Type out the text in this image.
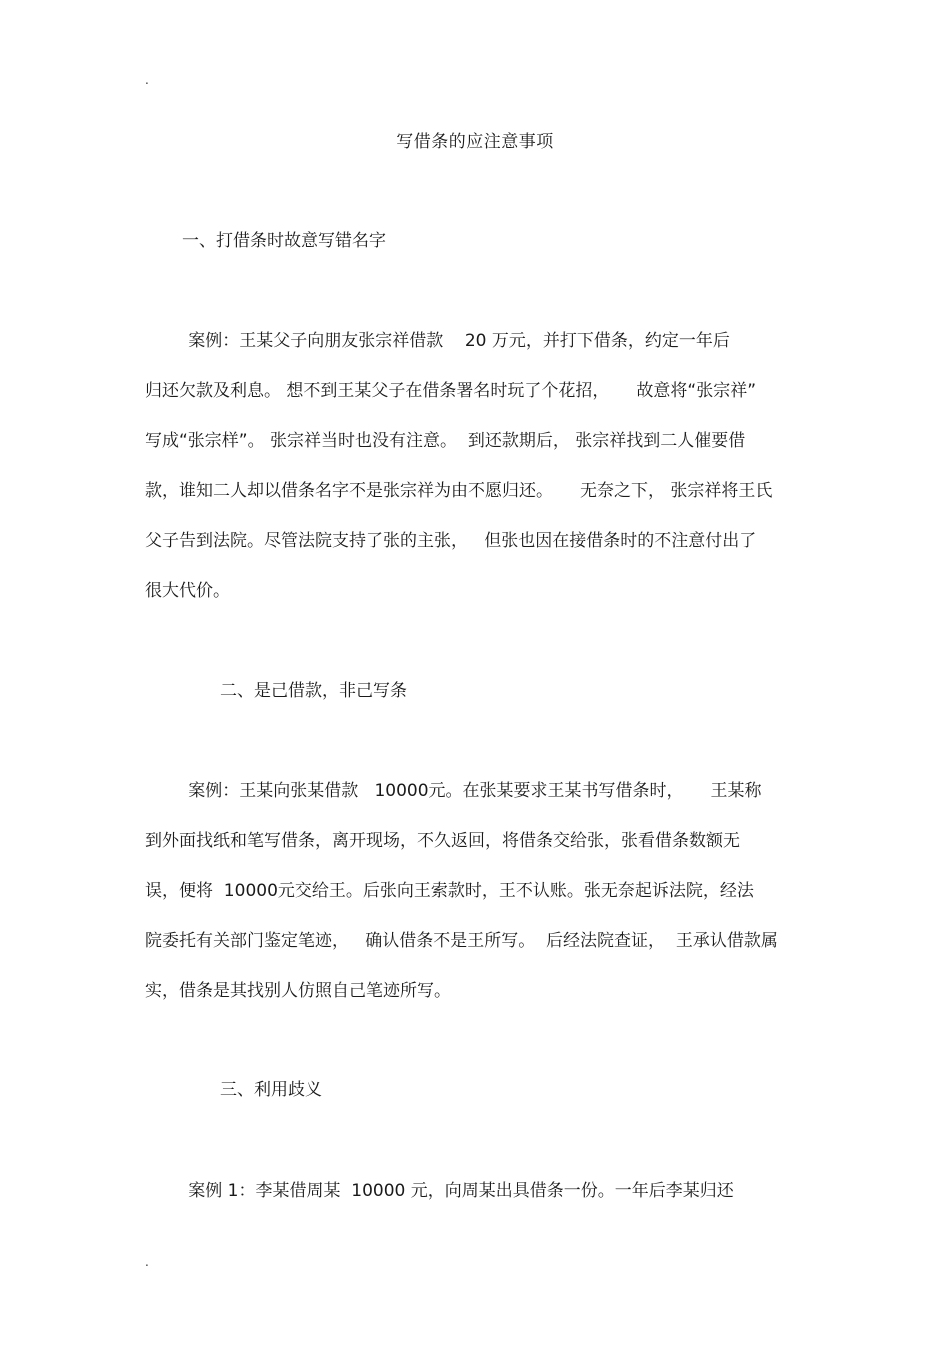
.
写借条的应注意事项
一、打借条时故意写错名字
案例：王某父子向朋友张宗祥借款    20 万元，并打下借条，约定一年后
归还欠款及利息。 想不到王某父子在借条署名时玩了个花招，     故意将“张宗祥”
写成“张宗样”。 张宗祥当时也没有注意。  到还款期后， 张宗祥找到二人催要借
款，谁知二人却以借条名字不是张宗祥为由不愿归还。     无奈之下， 张宗祥将王氏
父子告到法院。尽管法院支持了张的主张，   但张也因在接借条时的不注意付出了
很大代价。
二、是己借款，非己写条
案例：王某向张某借款   10000元。在张某要求王某书写借条时，     王某称
到外面找纸和笔写借条，离开现场，不久返回，将借条交给张，张看借条数额无
误，便将  10000元交给王。后张向王索款时，王不认账。张无奈起诉法院，经法
院委托有关部门鉴定笔迹，   确认借条不是王所写。  后经法院查证，  王承认借款属
实，借条是其找别人仿照自己笔迹所写。
三、利用歧义
案例 1：李某借周某  10000 元，向周某出具借条一份。一年后李某归还
.
